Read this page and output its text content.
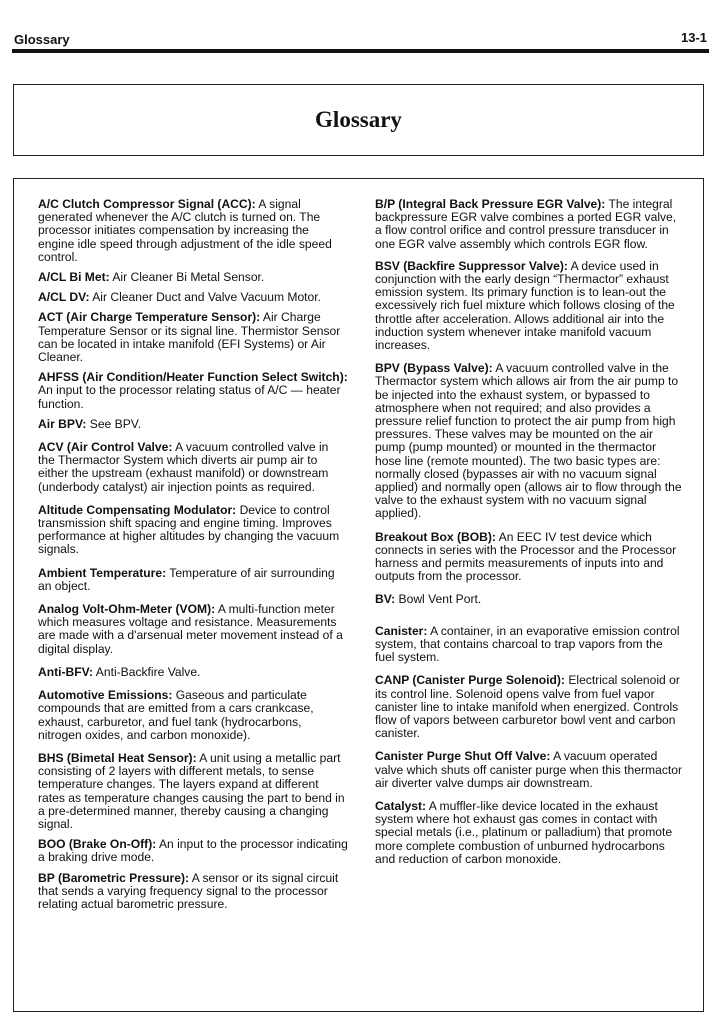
Glossary	13-1
Glossary

A/C Clutch Compressor Signal (ACC): A signal generated whenever the A/C clutch is turned on. The processor initiates compensation by increasing the engine idle speed through adjustment of the idle speed control.

A/CL Bi Met: Air Cleaner Bi Metal Sensor.

A/CL DV: Air Cleaner Duct and Valve Vacuum Motor.

ACT (Air Charge Temperature Sensor): Air Charge Temperature Sensor or its signal line. Thermistor Sensor can be located in intake manifold (EFI Systems) or Air Cleaner.

AHFSS (Air Condition/Heater Function Select Switch): An input to the processor relating status of A/C — heater function.

Air BPV: See BPV.

ACV (Air Control Valve: A vacuum controlled valve in the Thermactor System which diverts air pump air to either the upstream (exhaust manifold) or downstream (underbody catalyst) air injection points as required.

Altitude Compensating Modulator: Device to control transmission shift spacing and engine timing. Improves performance at higher altitudes by changing the vacuum signals.

Ambient Temperature: Temperature of air surrounding an object.

Analog Volt-Ohm-Meter (VOM): A multi-function meter which measures voltage and resistance. Measurements are made with a d'arsenual meter movement instead of a digital display.

Anti-BFV: Anti-Backfire Valve.

Automotive Emissions: Gaseous and particulate compounds that are emitted from a cars crankcase, exhaust, carburetor, and fuel tank (hydrocarbons, nitrogen oxides, and carbon monoxide).

BHS (Bimetal Heat Sensor): A unit using a metallic part consisting of 2 layers with different metals, to sense temperature changes. The layers expand at different rates as temperature changes causing the part to bend in a pre-determined manner, thereby causing a changing signal.

BOO (Brake On-Off): An input to the processor indicating a braking drive mode.

BP (Barometric Pressure): A sensor or its signal circuit that sends a varying frequency signal to the processor relating actual barometric pressure.

B/P (Integral Back Pressure EGR Valve): The integral backpressure EGR valve combines a ported EGR valve, a flow control orifice and control pressure transducer in one EGR valve assembly which controls EGR flow.

BSV (Backfire Suppressor Valve): A device used in conjunction with the early design “Thermactor” exhaust emission system. Its primary function is to lean-out the excessively rich fuel mixture which follows closing of the throttle after acceleration. Allows additional air into the induction system whenever intake manifold vacuum increases.

BPV (Bypass Valve): A vacuum controlled valve in the Thermactor system which allows air from the air pump to be injected into the exhaust system, or bypassed to atmosphere when not required; and also provides a pressure relief function to protect the air pump from high pressures. These valves may be mounted on the air pump (pump mounted) or mounted in the thermactor hose line (remote mounted). The two basic types are: normally closed (bypasses air with no vacuum signal applied) and normally open (allows air to flow through the valve to the exhaust system with no vacuum signal applied).

Breakout Box (BOB): An EEC IV test device which connects in series with the Processor and the Processor harness and permits measurements of inputs into and outputs from the processor.

BV: Bowl Vent Port.

Canister: A container, in an evaporative emission control system, that contains charcoal to trap vapors from the fuel system.

CANP (Canister Purge Solenoid): Electrical solenoid or its control line. Solenoid opens valve from fuel vapor canister line to intake manifold when energized. Controls flow of vapors between carburetor bowl vent and carbon canister.

Canister Purge Shut Off Valve: A vacuum operated valve which shuts off canister purge when this thermactor air diverter valve dumps air downstream.

Catalyst: A muffler-like device located in the exhaust system where hot exhaust gas comes in contact with special metals (i.e., platinum or palladium) that promote more complete combustion of unburned hydrocarbons and reduction of carbon monoxide.
